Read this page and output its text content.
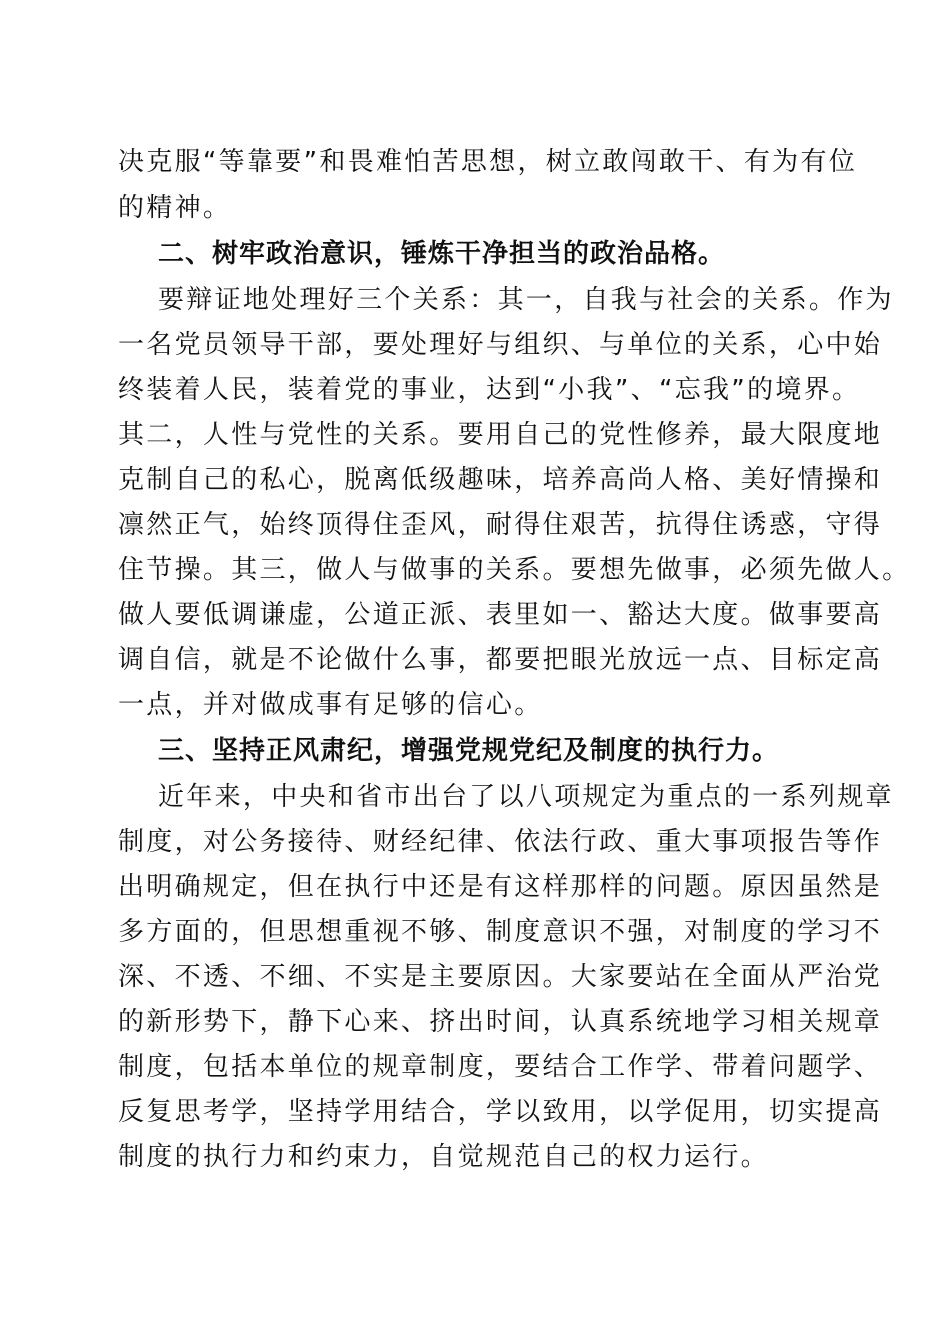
决克服“等靠要”和畏难怕苦思想，树立敢闯敢干、有为有位
的精神。
二、树牢政治意识，锤炼干净担当的政治品格。
要辩证地处理好三个关系：其一，自我与社会的关系。作为
一名党员领导干部，要处理好与组织、与单位的关系，心中始
终装着人民，装着党的事业，达到“小我”、“忘我”的境界。
其二，人性与党性的关系。要用自己的党性修养，最大限度地
克制自己的私心，脱离低级趣味，培养高尚人格、美好情操和
凛然正气，始终顶得住歪风，耐得住艰苦，抗得住诱惑，守得
住节操。其三，做人与做事的关系。要想先做事，必须先做人。
做人要低调谦虚，公道正派、表里如一、豁达大度。做事要高
调自信，就是不论做什么事，都要把眼光放远一点、目标定高
一点，并对做成事有足够的信心。
三、坚持正风肃纪，增强党规党纪及制度的执行力。
近年来，中央和省市出台了以八项规定为重点的一系列规章
制度，对公务接待、财经纪律、依法行政、重大事项报告等作
出明确规定，但在执行中还是有这样那样的问题。原因虽然是
多方面的，但思想重视不够、制度意识不强，对制度的学习不
深、不透、不细、不实是主要原因。大家要站在全面从严治党
的新形势下，静下心来、挤出时间，认真系统地学习相关规章
制度，包括本单位的规章制度，要结合工作学、带着问题学、
反复思考学，坚持学用结合，学以致用，以学促用，切实提高
制度的执行力和约束力，自觉规范自己的权力运行。
